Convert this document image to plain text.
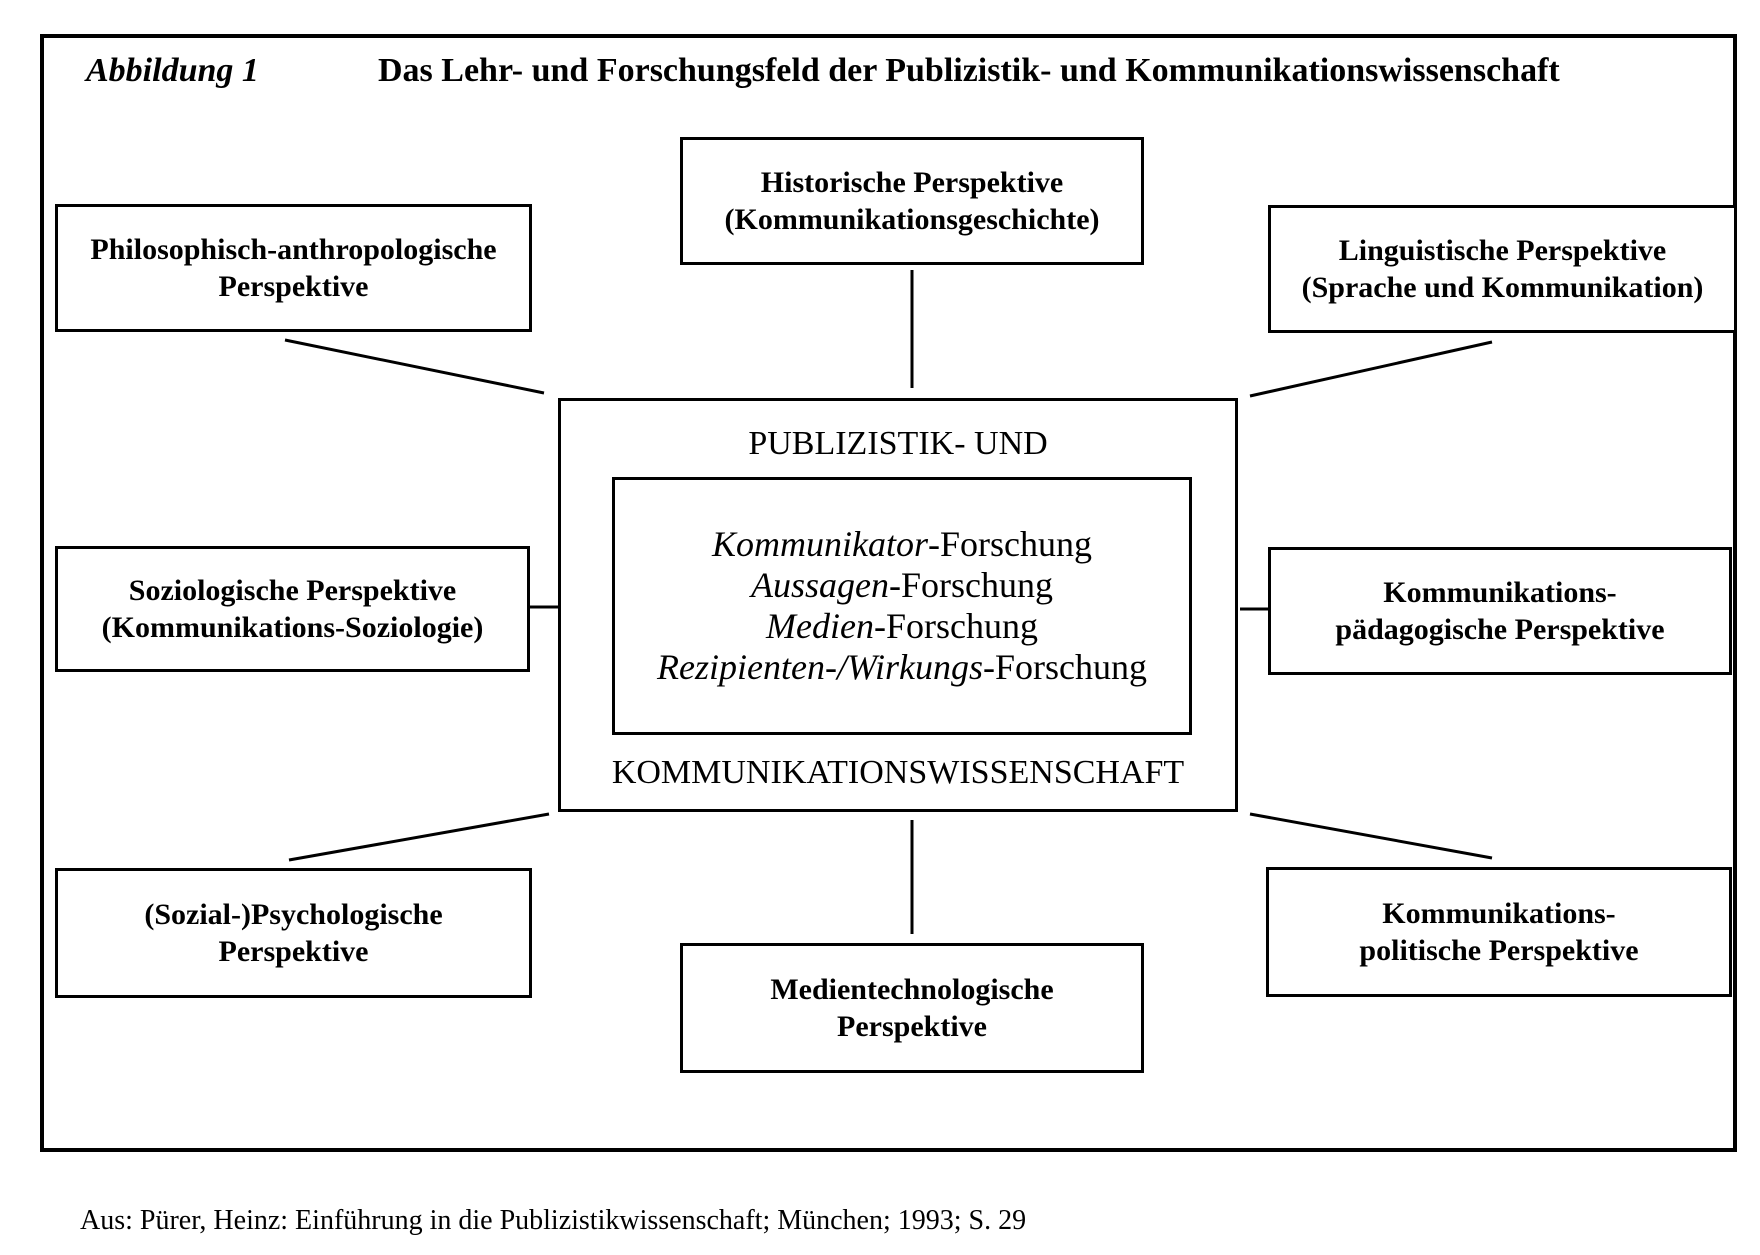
Abbildung 1	Das Lehr- und Forschungsfeld der Publizistik- und Kommunikationswissenschaft
Historische Perspektive
(Kommunikationsgeschichte)
Philosophisch-anthropologische
Perspektive
Linguistische Perspektive
(Sprache und Kommunikation)
Soziologische Perspektive
(Kommunikations-Soziologie)
Kommunikations-
pädagogische Perspektive
(Sozial-)Psychologische
Perspektive
Medientechnologische
Perspektive
Kommunikations-
politische Perspektive
PUBLIZISTIK- UND
Kommunikator-Forschung
Aussagen-Forschung
Medien-Forschung
Rezipienten-/Wirkungs-Forschung
KOMMUNIKATIONSWISSENSCHAFT
Aus: Pürer, Heinz: Einführung in die Publizistikwissenschaft; München; 1993; S. 29
